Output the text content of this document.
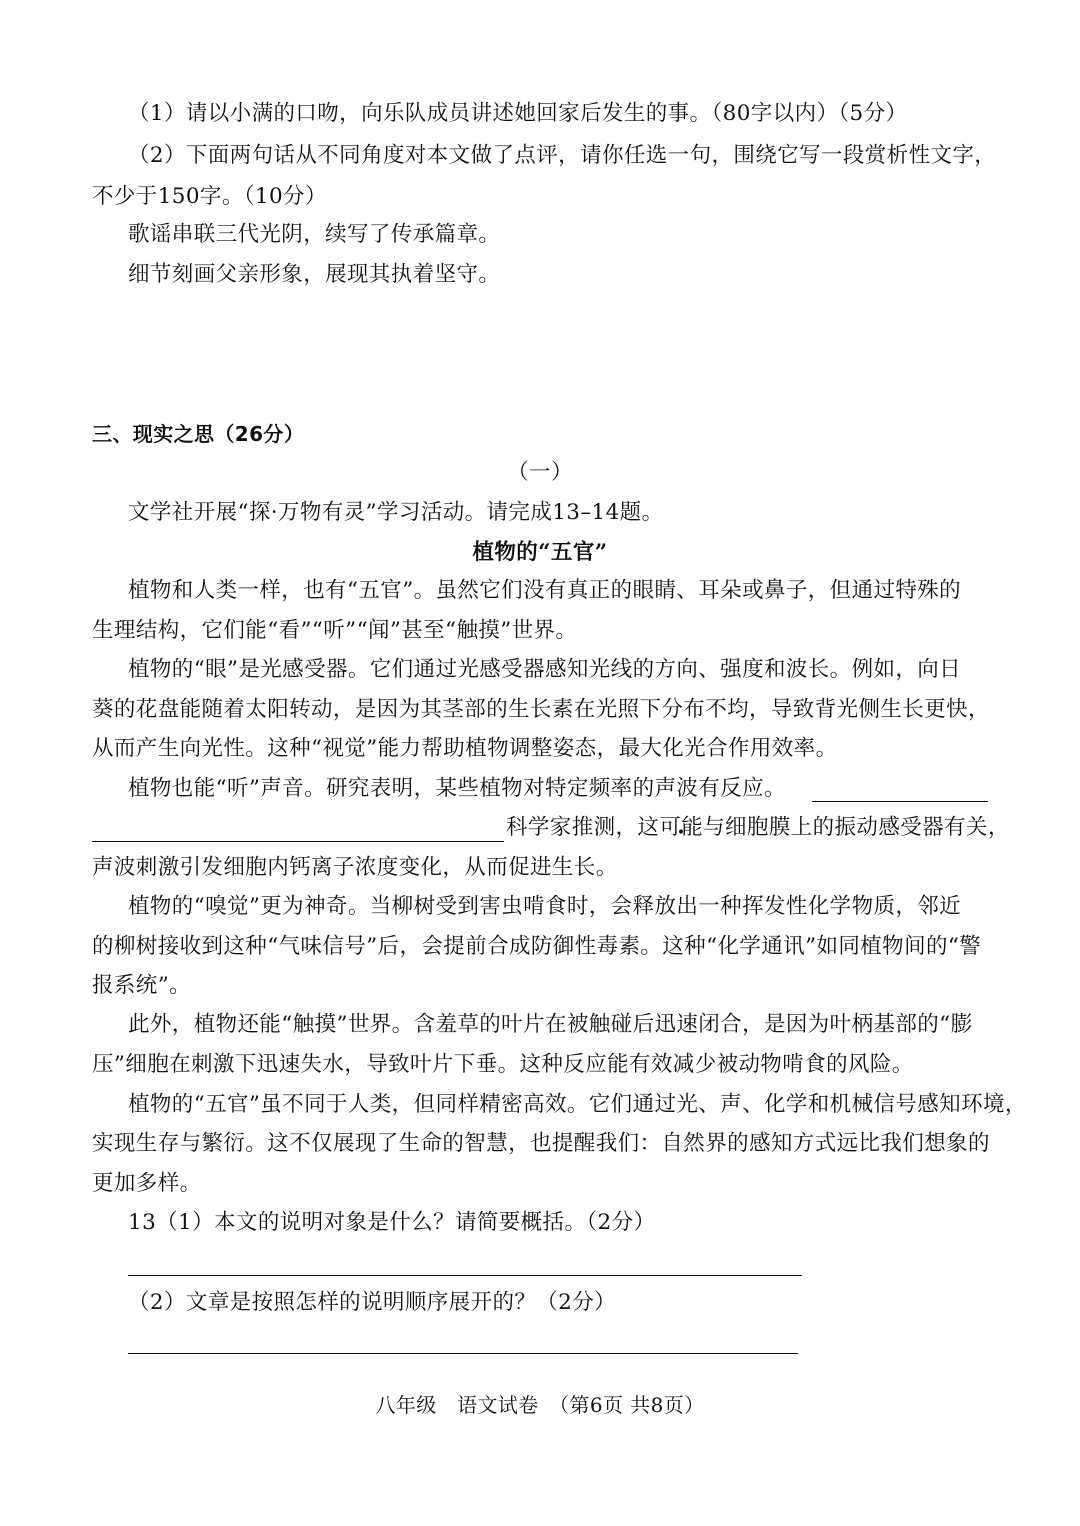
（1）请以小满的口吻，向乐队成员讲述她回家后发生的事。（80字以内）（5分）
（2）下面两句话从不同角度对本文做了点评，请你任选一句，围绕它写一段赏析性文字，
不少于150字。（10分）
歌谣串联三代光阴，续写了传承篇章。
细节刻画父亲形象，展现其执着坚守。
三、现实之思（26分）
（一）
文学社开展“探·万物有灵”学习活动。请完成13–14题。
植物的“五官”
植物和人类一样，也有“五官”。虽然它们没有真正的眼睛、耳朵或鼻子，但通过特殊的
生理结构，它们能“看”“听”“闻”甚至“触摸”世界。
植物的“眼”是光感受器。它们通过光感受器感知光线的方向、强度和波长。例如，向日
葵的花盘能随着太阳转动，是因为其茎部的生长素在光照下分布不均，导致背光侧生长更快，
从而产生向光性。这种“视觉”能力帮助植物调整姿态，最大化光合作用效率。
植物也能“听”声音。研究表明，某些植物对特定频率的声波有反应。
科学家推测，这可能 •与细胞膜上的振动感受器有关，
声波刺激引发细胞内钙离子浓度变化，从而促进生长。
植物的“嗅觉”更为神奇。当柳树受到害虫啃食时，会释放出一种挥发性化学物质，邻近
的柳树接收到这种“气味信号”后，会提前合成防御性毒素。这种“化学通讯”如同植物间的“警
报系统”。
此外，植物还能“触摸”世界。含羞草的叶片在被触碰后迅速闭合，是因为叶柄基部的“膨
压”细胞在刺激下迅速失水，导致叶片下垂。这种反应能有效减少被动物啃食的风险。
植物的“五官”虽不同于人类，但同样精密高效。它们通过光、声、化学和机械信号感知环境，
实现生存与繁衍。这不仅展现了生命的智慧，也提醒我们：自然界的感知方式远比我们想象的
更加多样。
13（1）本文的说明对象是什么？请简要概括。（2分）
（2）文章是按照怎样的说明顺序展开的？（2分）
八年级　语文试卷　（第6页 共8页）
